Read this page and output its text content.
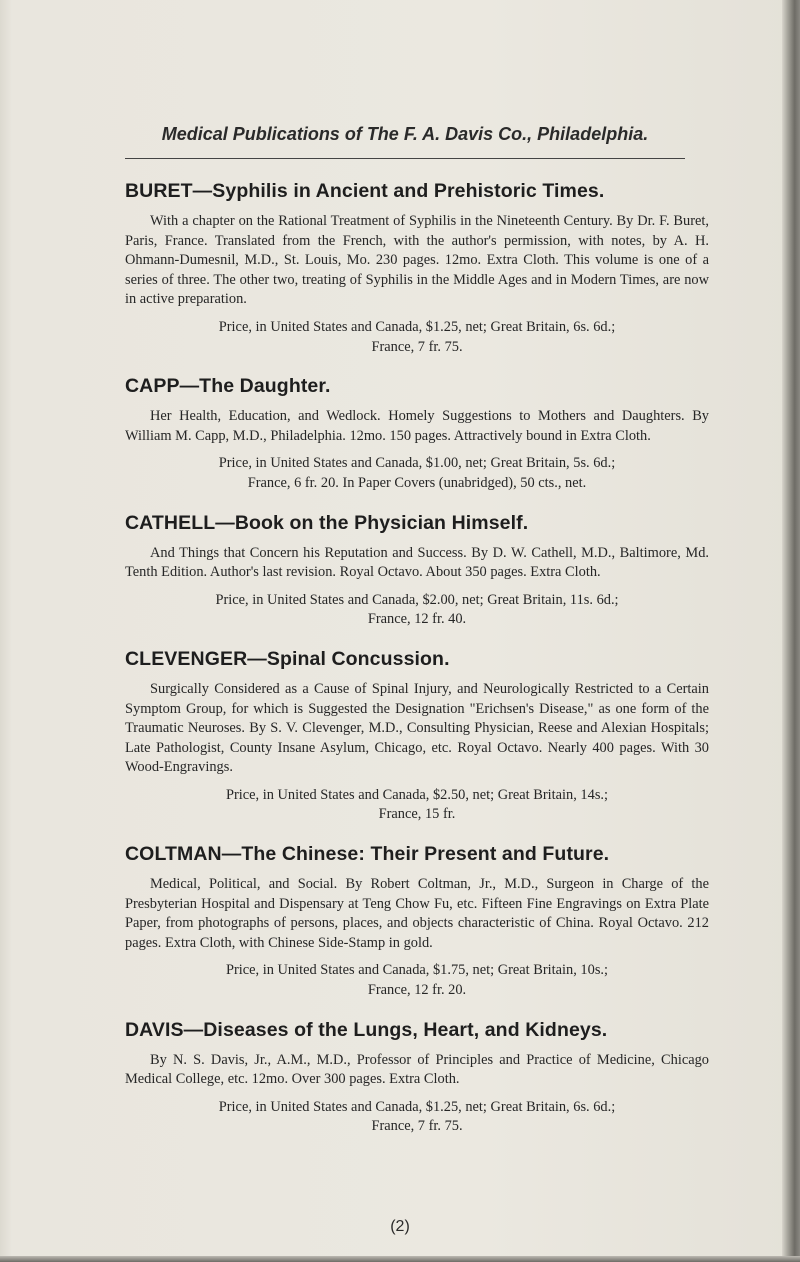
Medical Publications of The F. A. Davis Co., Philadelphia.
BURET—Syphilis in Ancient and Prehistoric Times.

With a chapter on the Rational Treatment of Syphilis in the Nineteenth Century. By Dr. F. Buret, Paris, France. Translated from the French, with the author's permission, with notes, by A. H. Ohmann-Dumesnil, M.D., St. Louis, Mo. 230 pages. 12mo. Extra Cloth. This volume is one of a series of three. The other two, treating of Syphilis in the Middle Ages and in Modern Times, are now in active preparation.

Price, in United States and Canada, $1.25, net; Great Britain, 6s. 6d.;
France, 7 fr. 75.

CAPP—The Daughter.

Her Health, Education, and Wedlock. Homely Suggestions to Mothers and Daughters. By William M. Capp, M.D., Philadelphia. 12mo. 150 pages. Attractively bound in Extra Cloth.

Price, in United States and Canada, $1.00, net; Great Britain, 5s. 6d.;
France, 6 fr. 20. In Paper Covers (unabridged), 50 cts., net.

CATHELL—Book on the Physician Himself.

And Things that Concern his Reputation and Success. By D. W. Cathell, M.D., Baltimore, Md. Tenth Edition. Author's last revision. Royal Octavo. About 350 pages. Extra Cloth.

Price, in United States and Canada, $2.00, net; Great Britain, 11s. 6d.;
France, 12 fr. 40.

CLEVENGER—Spinal Concussion.

Surgically Considered as a Cause of Spinal Injury, and Neurologically Restricted to a Certain Symptom Group, for which is Suggested the Designation "Erichsen's Disease," as one form of the Traumatic Neuroses. By S. V. Clevenger, M.D., Consulting Physician, Reese and Alexian Hospitals; Late Pathologist, County Insane Asylum, Chicago, etc. Royal Octavo. Nearly 400 pages. With 30 Wood-Engravings.

Price, in United States and Canada, $2.50, net; Great Britain, 14s.;
France, 15 fr.

COLTMAN—The Chinese: Their Present and Future.

Medical, Political, and Social. By Robert Coltman, Jr., M.D., Surgeon in Charge of the Presbyterian Hospital and Dispensary at Teng Chow Fu, etc. Fifteen Fine Engravings on Extra Plate Paper, from photographs of persons, places, and objects characteristic of China. Royal Octavo. 212 pages. Extra Cloth, with Chinese Side-Stamp in gold.

Price, in United States and Canada, $1.75, net; Great Britain, 10s.;
France, 12 fr. 20.

DAVIS—Diseases of the Lungs, Heart, and Kidneys.

By N. S. Davis, Jr., A.M., M.D., Professor of Principles and Practice of Medicine, Chicago Medical College, etc. 12mo. Over 300 pages. Extra Cloth.

Price, in United States and Canada, $1.25, net; Great Britain, 6s. 6d.;
France, 7 fr. 75.

(2)
